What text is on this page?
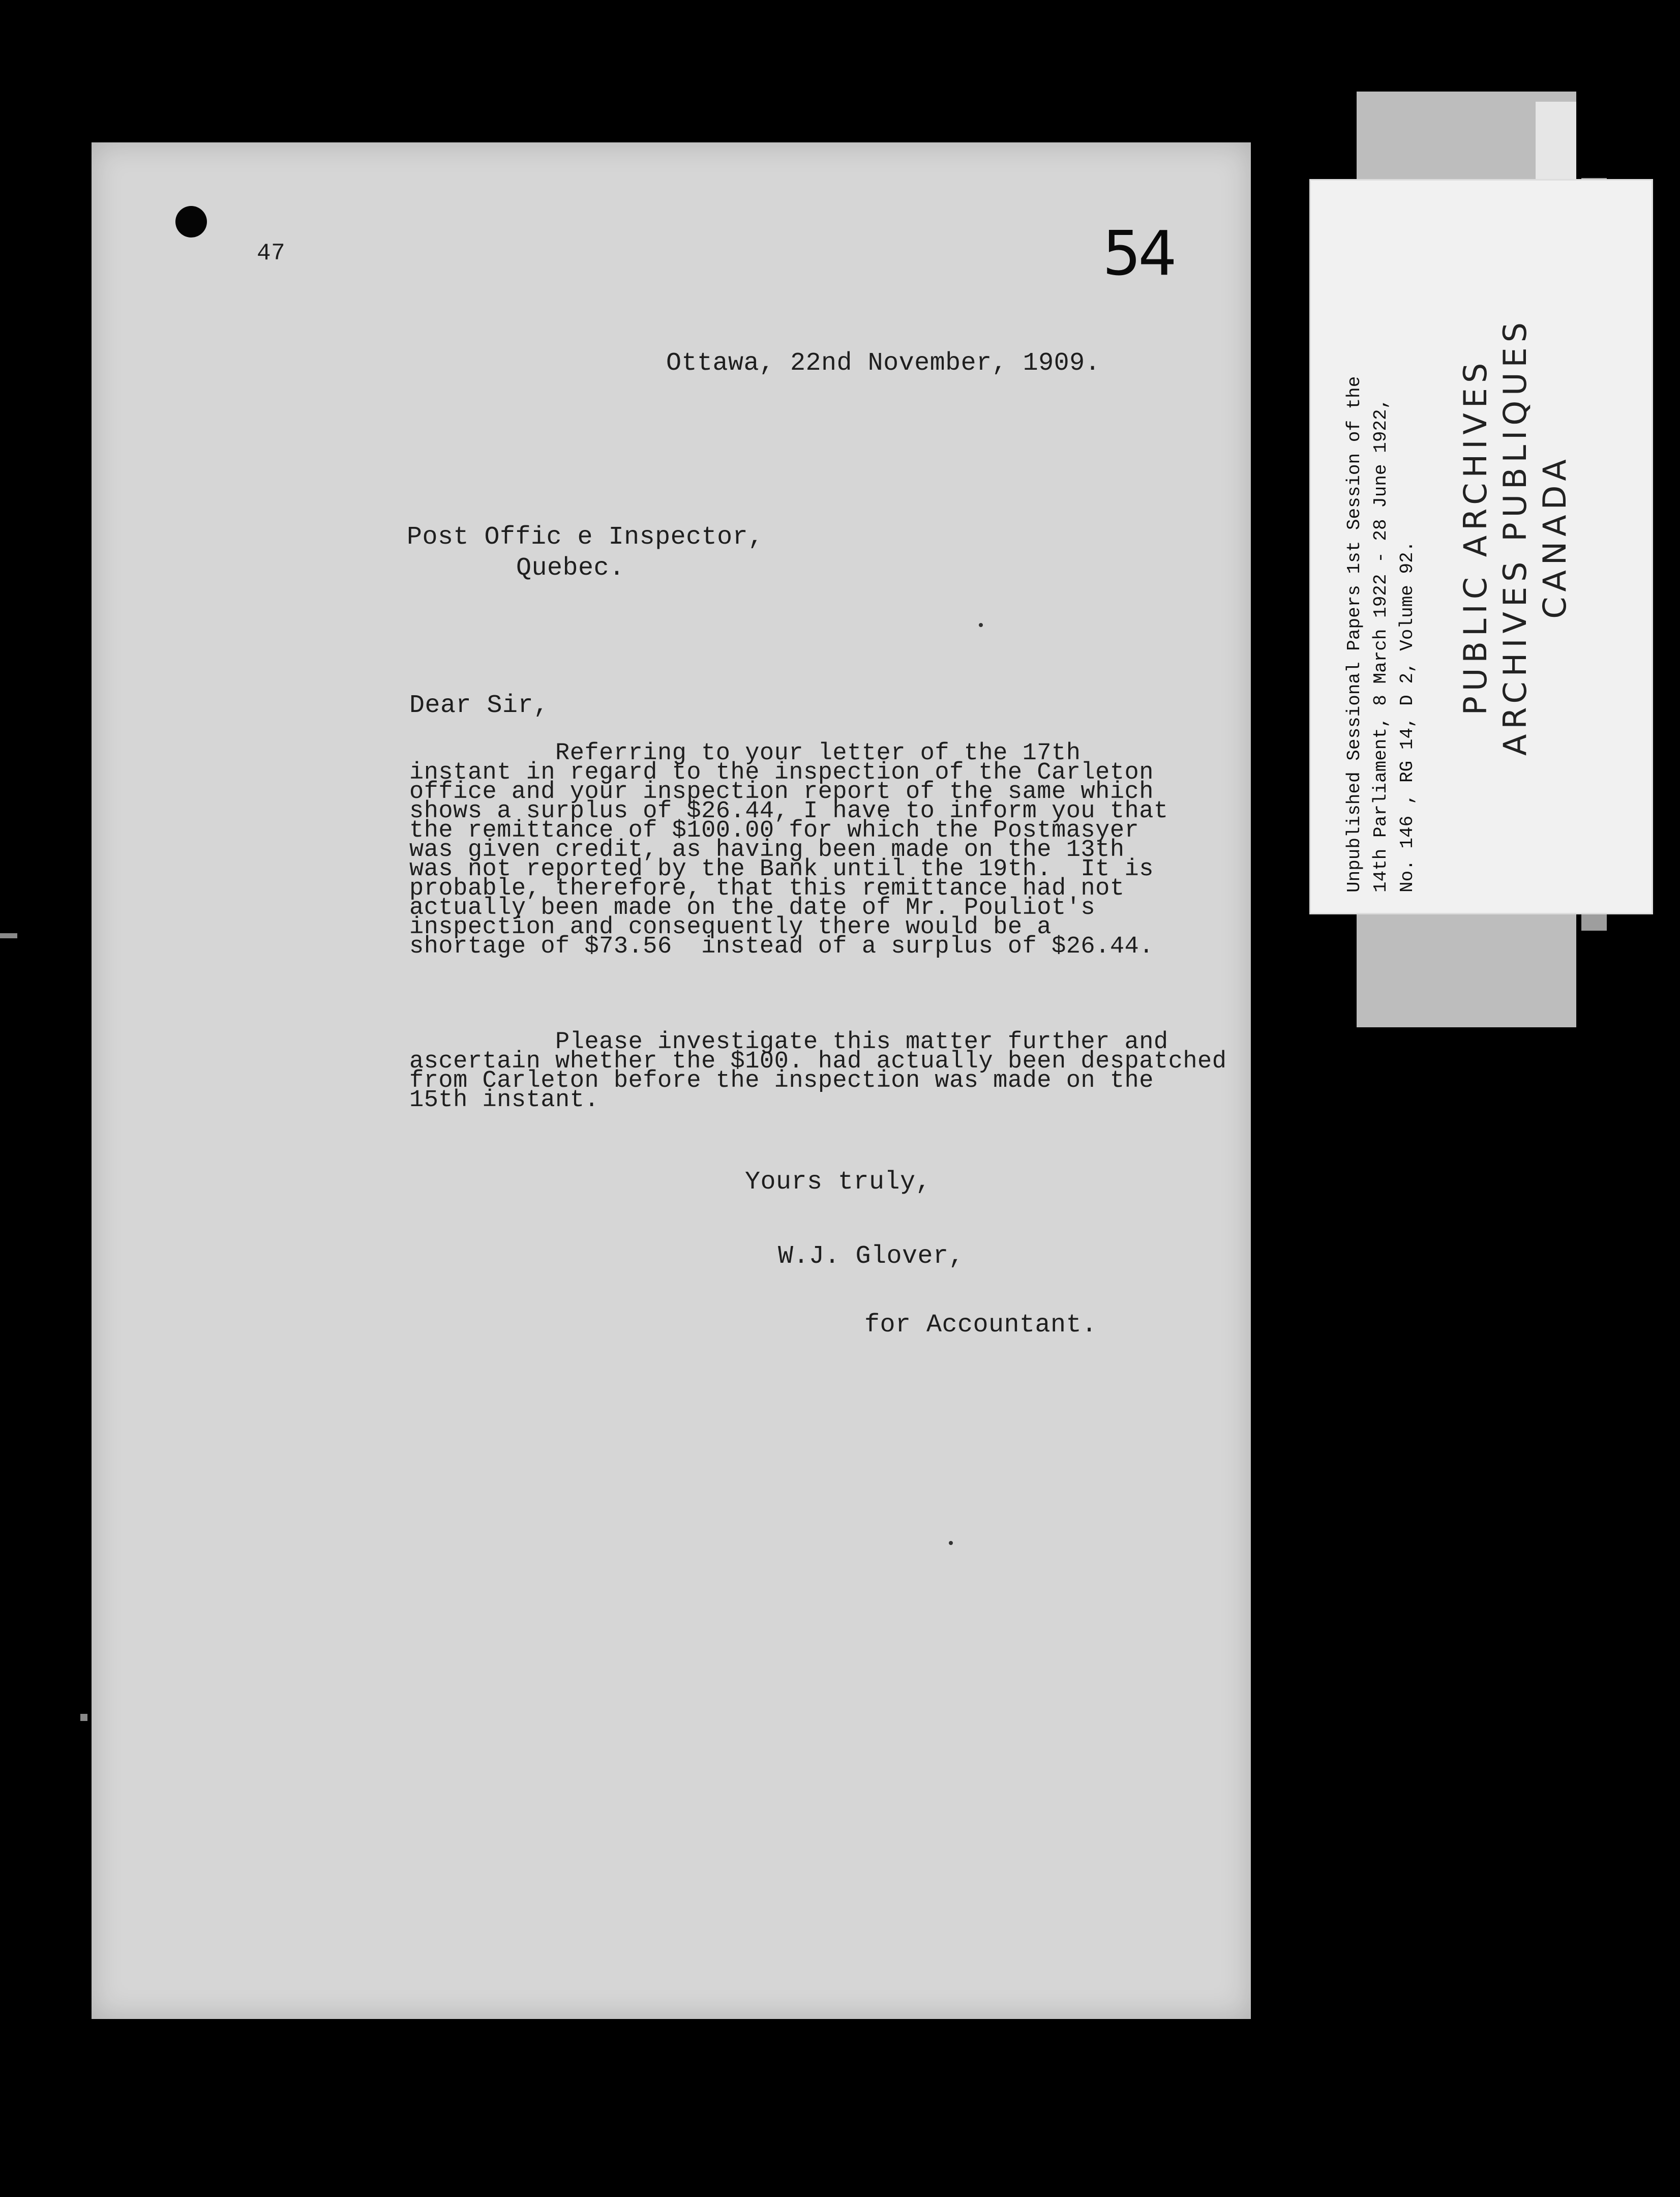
47	54
Ottawa, 22nd November, 1909.
Post Offic e Inspector,
Quebec.
Dear Sir,
Referring to your letter of the 17th
instant in regard to the inspection of the Carleton
office and your inspection report of the same which
shows a surplus of $26.44, I have to inform you that
the remittance of $100.00 for which the Postmasyer
was given credit, as having been made on the 13th
was not reported by the Bank until the 19th.  It is
probable, therefore, that this remittance had not
actually been made on the date of Mr. Pouliot's
inspection and consequently there would be a
shortage of $73.56  instead of a surplus of $26.44.
Please investigate this matter further and
ascertain whether the $100. had actually been despatched
from Carleton before the inspection was made on the
15th instant.
Yours truly,
W.J. Glover,
for Accountant.
Unpublished Sessional Papers 1st Session of the 14th Parliament, 8 March 1922 - 28 June 1922, No. 146 , RG 14, D 2, Volume 92.
PUBLIC ARCHIVES
ARCHIVES PUBLIQUES
CANADA
